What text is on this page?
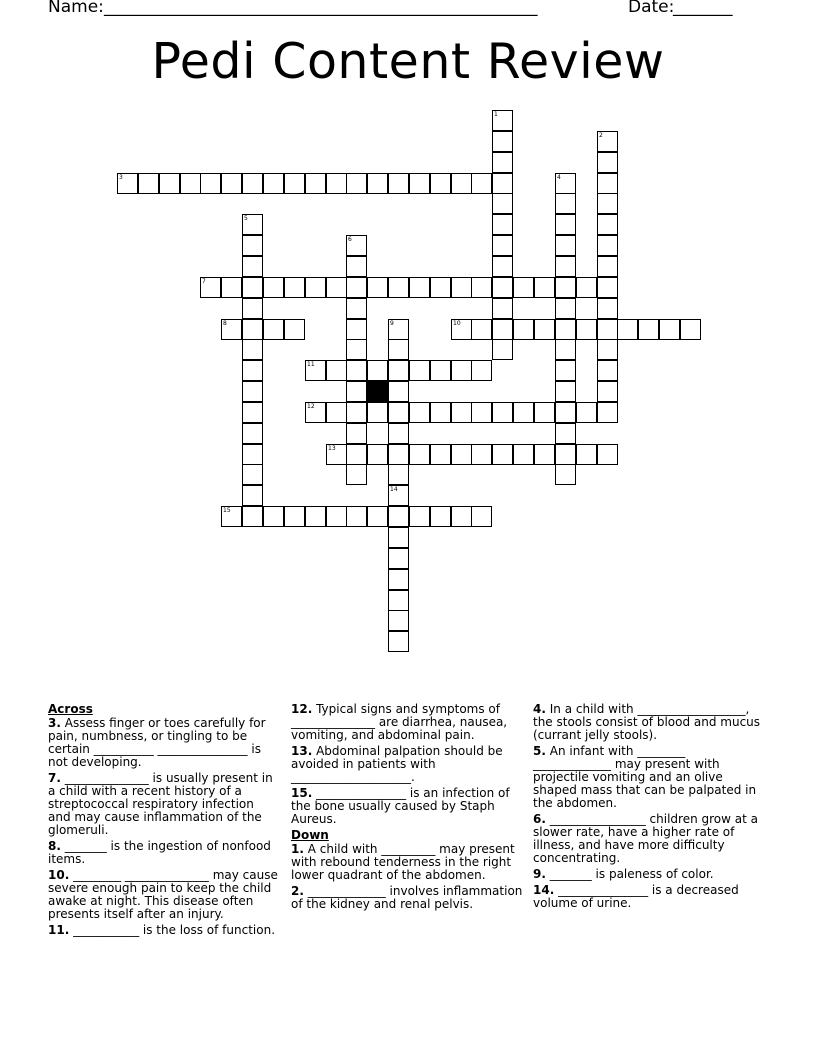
Name: ___________________________________________________	Date:
_______
Pedi Content Review
1
2
3	4
5
6
7
8	9	10
11
12
13
14
15
Across
3. Assess finger or toes carefully for pain, numbness, or tingling to be certain __________ _______________ is not developing.
7. ______________ is usually present in a child with a recent history of a streptococcal respiratory infection and may cause inflammation of the glomeruli.
8. _______ is the ingestion of nonfood items.
10. ________ ______________ may cause severe enough pain to keep the child awake at night. This disease often presents itself after an injury.
11. ___________ is the loss of function.
12. Typical signs and symptoms of ______________ are diarrhea, nausea, vomiting, and abdominal pain.
13. Abdominal palpation should be avoided in patients with ____________________.
15. _______________ is an infection of the bone usually caused by Staph Aureus.
Down
1. A child with _________ may present with rebound tenderness in the right lower quadrant of the abdomen.
2. _____________ involves inflammation of the kidney and renal pelvis.
4. In a child with __________________, the stools consist of blood and mucus (currant jelly stools).
5. An infant with ________ _____________ may present with projectile vomiting and an olive shaped mass that can be palpated in the abdomen.
6. ________________ children grow at a slower rate, have a higher rate of illness, and have more difficulty concentrating.
9. _______ is paleness of color.
14. _______________ is a decreased volume of urine.
